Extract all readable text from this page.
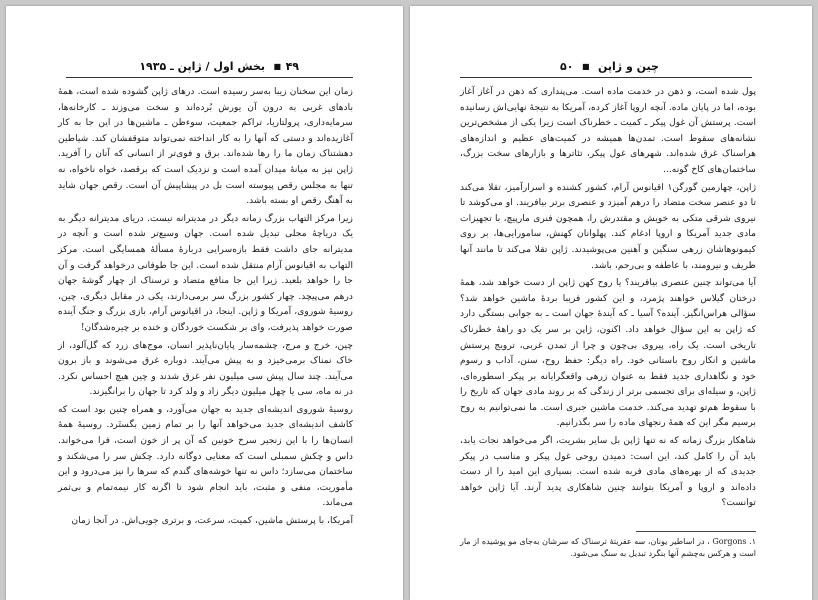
بخش اول / ژاپن ـ ۱۹۳۵ ■ ۴۹

زمان این سخنان زیبا به‌سر رسیده است. درهای ژاپن گشوده شده است، همهٔ بادهای غربی به درون آن یورش بُرده‌اند و سخت می‌وزند ـ کارخانه‌ها، سرمایه‌داری، پرولتاریا، تراکم جمعیت، سوءظن ـ ماشین‌ها در این جا به کار آغازیده‌اند و دستی که آنها را به کار انداخته نمی‌تواند متوقفشان کند. شیاطین دهشتناک زمان ما را رها شده‌اند. برق و فوی‌تر از انسانی که آنان را آفرید. ژاپن نیز به میانهٔ میدان آمده است و نزدیک است که برقصد، خواه ناخواه، نه تنها به مجلس رقص پیوسته است بل در پیشاپیش آن است. رقص جهان شاید به آهنگ رقص او بسته باشد.

زیرا مرکز التهاب بزرگ زمانه دیگر در مدیترانه نیست. دریای مدیترانه دیگر به یک دریاچهٔ محلی تبدیل شده است. جهان وسیع‌تر شده است و آنچه در مدیترانه جای داشت فقط بازه‌سرایی دربارهٔ مسألهٔ همسایگی است. مرکز التهاب به اقیانوس آرام منتقل شده است. این جا طوفانی درخواهد گرفت و آن جا را خواهد بلعید. زیرا این جا منافع متضاد و ترسناک از چهار گوشهٔ جهان درهم می‌پیچد. چهار کشور بزرگ سر برمی‌دارند، یکی در مقابل دیگری، چین، روسیهٔ شوروی، آمریکا و ژاپن. اینجا، در اقیانوس آرام، بازی بزرگ و جنگ آینده صورت خواهد پذیرفت، وای بر شکست خوردگان و خنده بر چیره‌شدگان!

چین، خرج و مرج، چشمه‌سار پایان‌ناپذیر انسان، موج‌های زرد که گل‌آلود، از خاک نمناک برمی‌خیزد و به پیش می‌آیند. دوباره غرق می‌شوند و باز برون می‌آیند. چند سال پیش سی میلیون نفر غرق شدند و چین هیچ احساس نکرد. در نه ماه، سی یا چهل میلیون دیگر زاد و ولد کرد تا جهان را برانگیزند.

روسیهٔ شوروی اندیشه‌ای جدید به جهان می‌آورد، و همراه چنین بود است که کاشف اندیشه‌ای جدید می‌خواهد آنها را بر تمام زمین بگستَرد. روسیهٔ همهٔ انسان‌ها را با این زنجیر سرخ خونین که آن پر از خون است، فرا می‌خواند. داس و چکش سمبلی است که معنایی دوگانه دارد. چکش سر را می‌شکند و ساختمان می‌سازد؛ داس نه تنها خوشه‌های گندم که سرها را نیز می‌درود و این مأموریت، منفی و مثبت، باید انجام شود تا اگرنه کار نیمه‌تمام و بی‌ثمر می‌ماند.

آمریکا، با پرستش ماشین، کمیت، سرعت، و برتری جویی‌اش. در آنجا زمان

۵۰ ■ چین و ژاپن

پول شده است، و ذهن در خدمت ماده است. می‌پنداری که ذهن در آغاز آغاز بوده، اما در پایان ماده. آنچه اروپا آغاز کرده، آمریکا به نتیجهٔ نهایی‌اش رسانیده است. پرستش آن غول پیکر ـ کمیت ـ خطرناک است زیرا یکی از مشخص‌ترین نشانه‌های سقوط است. تمدن‌ها همیشه در کمیت‌های عظیم و اندازه‌های هراسناک غرق شده‌اند. شهرهای غول پیکر، تئاترها و بازارهای سخت بزرگ، ساختمان‌های کاخ گونه...

ژاپن، چهارمین گورگن۱ اقیانوس آرام، کشور کشنده و اسرارآمیز، تقلا می‌کند تا دو عنصر سخت متضاد را درهم آمیزد و عنصری برتر بیافریند. او می‌کوشد تا نیروی شرقی متکی به خویش و مقتدرش را، همچون فنری مارپیچ، با تجهیزات مادی جدید آمریکا و اروپا ادغام کند. پهلوانان کهنش، سامورایی‌ها، بر روی کیمونوهاشان زرهی سنگین و آهنین می‌پوشیدند. ژاپن تقلا می‌کند تا مانند آنها ظریف و نیرومند، با عاطفه و بی‌رحم، باشد.

آیا می‌تواند چنین عنصری بیافریند؟ یا روح کهن ژاپن از دست خواهد شد، همهٔ درختان گیلاس خواهند پژمرد، و این کشور فریبا بردهٔ ماشین خواهد شد؟ سؤالی هراس‌انگیز. آینده؟ آسیا ـ که آیندهٔ جهان است ـ به جوابی بستگی دارد که ژاپن به این سؤال خواهد داد. اکنون، ژاپن بر سر یک دو راههٔ خطرناک تاریخی است. یک راه، پیروی بی‌چون و چرا از تمدن غربی، ترویج پرستش ماشین و انکار روح باستانی خود. راه دیگر: حفظ روح، سنن، آداب و رسوم خود و نگاهداری جدید فقط به عنوان زرهی واقعگرایانه بر پیکر اسطوره‌ای، ژاپن، و سیله‌ای برای تجسمی برتر از زندگی که بر روند مادی جهان که تاریخ را با سقوط هم‌تو تهدید می‌کند. خدمت ماشین جبری است. ما نمی‌توانیم به روح برسیم مگر این که همهٔ رنجهای ماده را سر بگذرانیم.

شاهکار بزرگ زمانه که نه تنها ژاپن بل سایر بشریت، اگر می‌خواهد نجات یابد، باید آن را کامل کند، این است: دمیدن روحی غول پیکر و مناسب در پیکر جدیدی که از بهره‌های مادی فربه شده است. بسیاری این امید را از دست داده‌اند و اروپا و آمریکا بتوانند چنین شاهکاری پدید آرند. آیا ژاپن خواهد توانست؟

۱. Gorgons ، در اساطیر یونان، سه عفریتهٔ ترسناک که سرشان به‌جای مو پوشیده از مار است و هرکس به‌چشم آنها بنگرد تبدیل به سنگ می‌شود.
